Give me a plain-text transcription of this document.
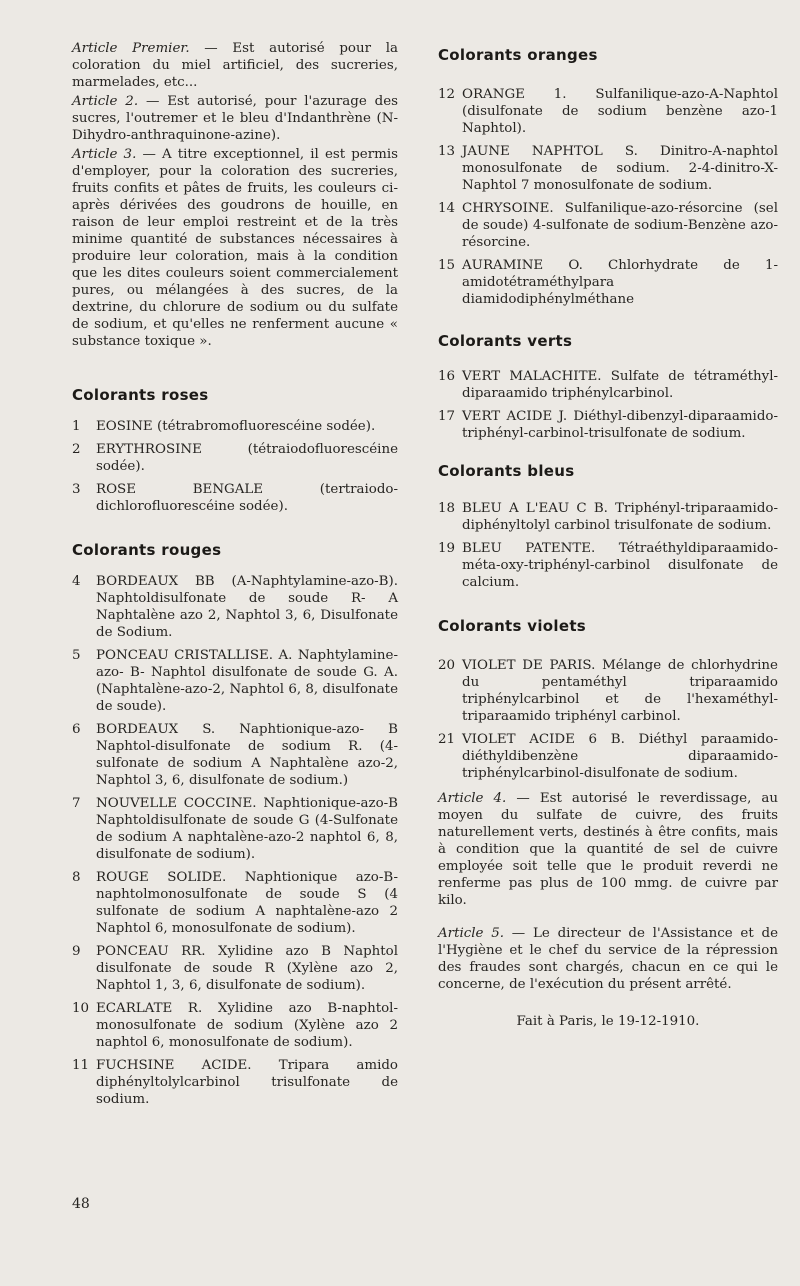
Article Premier. — Est autorisé pour la coloration du miel artificiel, des sucreries, marmelades, etc...

Article 2. — Est autorisé, pour l'azurage des sucres, l'outremer et le bleu d'Indanthrène (N- Dihydro-anthraquinone-azine).

Article 3. — A titre exceptionnel, il est permis d'employer, pour la coloration des sucreries, fruits confits et pâtes de fruits, les couleurs ci-après dérivées des goudrons de houille, en raison de leur emploi restreint et de la très minime quantité de substances nécessaires à produire leur coloration, mais à la condition que les dites couleurs soient commercialement pures, ou mélangées à des sucres, de la dextrine, du chlorure de sodium ou du sulfate de sodium, et qu'elles ne renferment aucune « substance toxique ».

Colorants roses
1	EOSINE (tétrabromofluorescéine sodée).
2	ERYTHROSINE (tétraiodofluorescéine sodée).
3	ROSE BENGALE (tertraiodo-dichlorofluorescéine sodée).
Colorants rouges
4	BORDEAUX BB (A-Naphtylamine-azo-B). Naphtoldisulfonate de soude R- A Naphtalène azo 2, Naphtol 3, 6, Disulfonate de Sodium.
5	PONCEAU CRISTALLISE. A. Naphtylamine-azo- B- Naphtol disulfonate de soude G. A. (Naphtalène-azo-2, Naphtol 6, 8, disulfonate de soude).
6	BORDEAUX S. Naphtionique-azo- B Naphtol-disulfonate de sodium R. (4-sulfonate de sodium A Naphtalène azo-2, Naphtol 3, 6, disulfonate de sodium.)
7	NOUVELLE COCCINE. Naphtionique-azo-B Naphtoldisulfonate de soude G (4-Sulfonate de sodium A naphtalène-azo-2 naphtol 6, 8, disulfonate de sodium).
8	ROUGE SOLIDE. Naphtionique azo-B-naphtolmonosulfonate de soude S (4 sulfonate de sodium A naphtalène-azo 2 Naphtol 6, monosulfonate de sodium).
9	PONCEAU RR. Xylidine azo B Naphtol disulfonate de soude R (Xylène azo 2, Naphtol 1, 3, 6, disulfonate de sodium).
10 ECARLATE R. Xylidine azo B-naphtol-monosulfonate de sodium (Xylène azo 2 naphtol 6, monosulfonate de sodium).
11 FUCHSINE ACIDE. Tripara amido diphényltolylcarbinol trisulfonate de sodium.
48
Colorants oranges
12 ORANGE 1. Sulfanilique-azo-A-Naphtol (disulfonate de sodium benzène azo-1 Naphtol).
13 JAUNE NAPHTOL S. Dinitro-A-naphtol monosulfonate de sodium. 2-4-dinitro-X-Naphtol 7 monosulfonate de sodium.
14 CHRYSOINE. Sulfanilique-azo-résorcine (sel de soude) 4-sulfonate de sodium-Benzène azo-résorcine.
15 AURAMINE O. Chlorhydrate de 1-amidotétraméthylpara diamidodiphénylméthane
Colorants verts
16 VERT MALACHITE. Sulfate de tétraméthyl-diparaamido triphénylcarbinol.
17 VERT ACIDE J. Diéthyl-dibenzyl-diparaamido-triphényl-carbinol-trisulfonate de sodium.
Colorants bleus
18 BLEU A L'EAU C B. Triphényl-triparaamido-diphényltolyl carbinol trisulfonate de sodium.
19 BLEU PATENTE. Tétraéthyldiparaamido-méta-oxy-triphényl-carbinol disulfonate de calcium.
Colorants violets
20 VIOLET DE PARIS. Mélange de chlorhydrine du pentaméthyl triparaamido triphénylcarbinol et de l'hexaméthyl-triparaamido triphényl carbinol.
21 VIOLET ACIDE 6 B. Diéthyl paraamido-diéthyldibenzène diparaamido-triphénylcarbinol-disulfonate de sodium.

Article 4. — Est autorisé le reverdissage, au moyen du sulfate de cuivre, des fruits naturellement verts, destinés à être confits, mais à condition que la quantité de sel de cuivre employée soit telle que le produit reverdi ne renferme pas plus de 100 mmg. de cuivre par kilo.

Article 5. — Le directeur de l'Assistance et de l'Hygiène et le chef du service de la répression des fraudes sont chargés, chacun en ce qui le concerne, de l'exécution du présent arrêté.

Fait à Paris, le 19-12-1910.
